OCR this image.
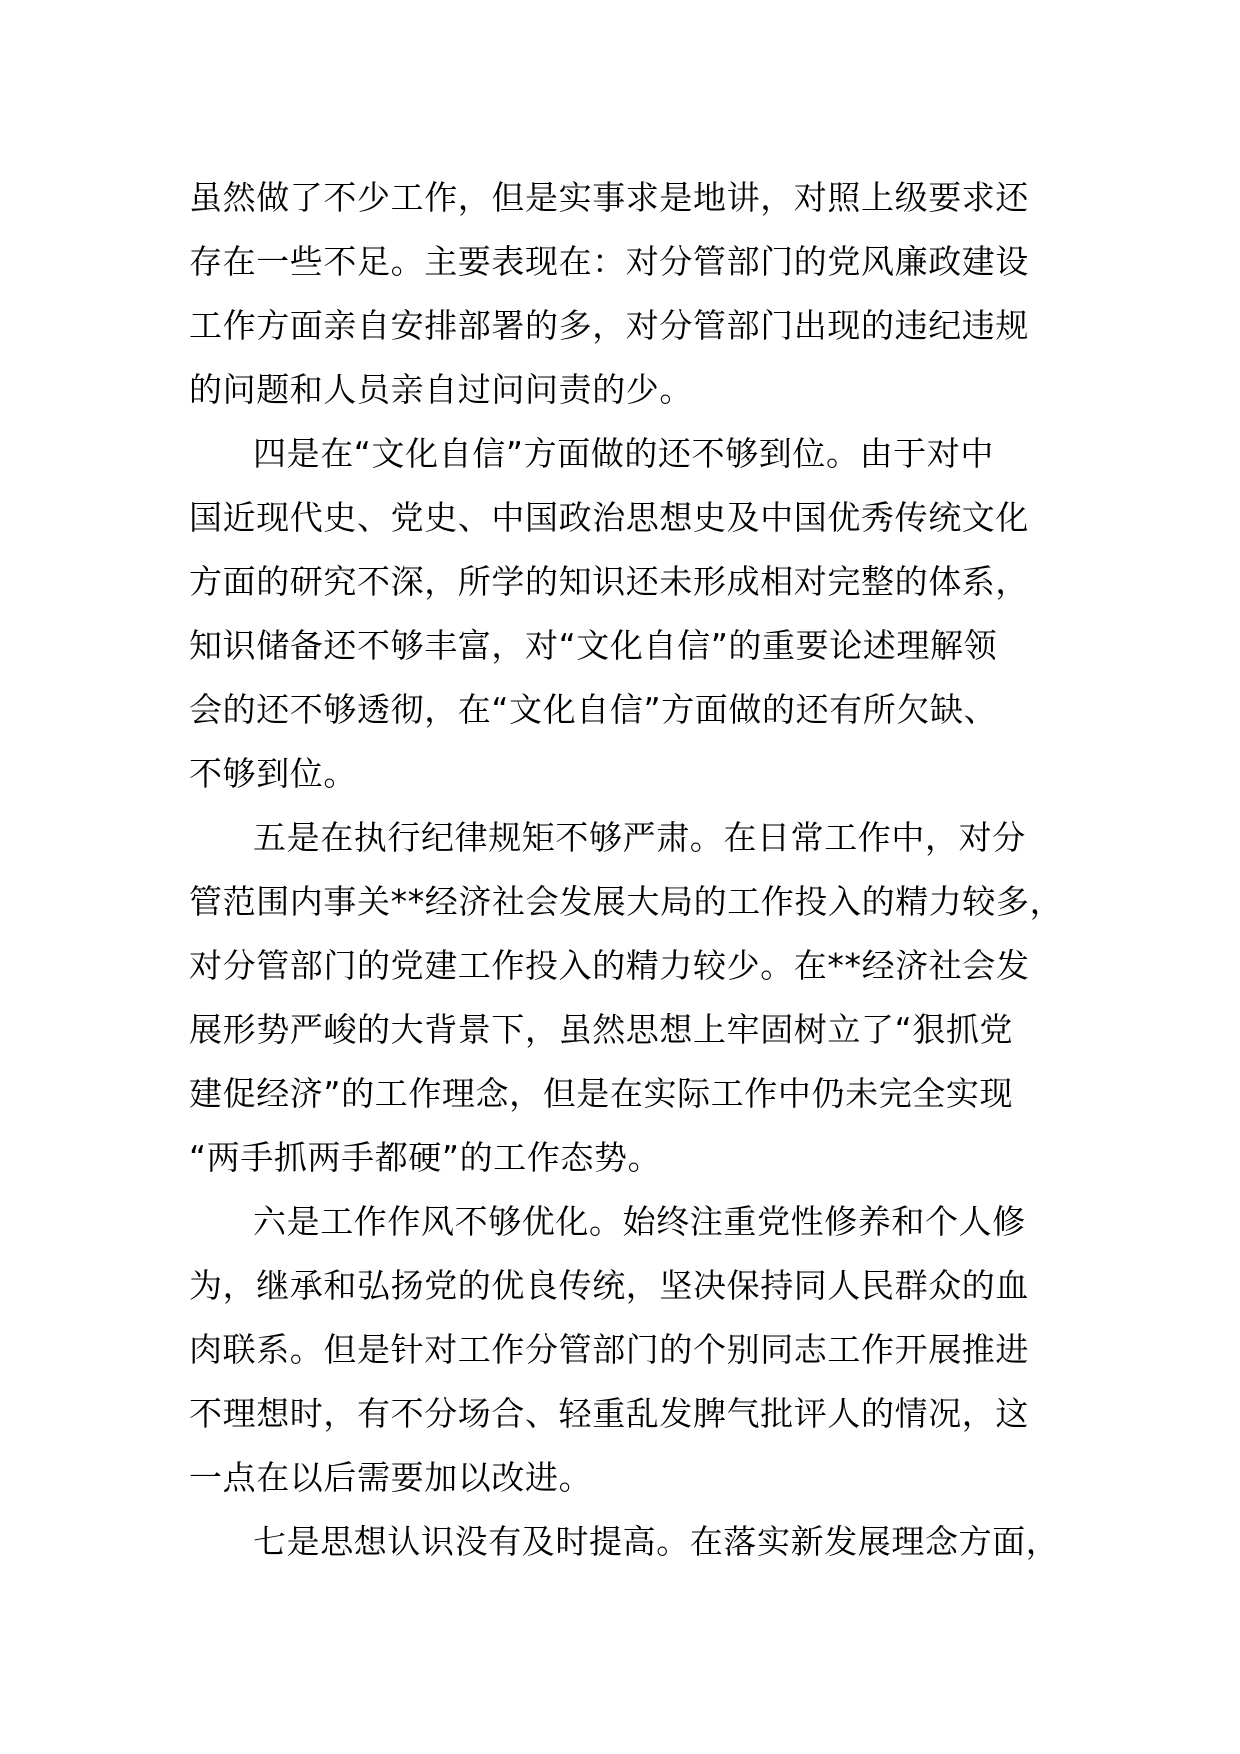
虽然做了不少工作，但是实事求是地讲，对照上级要求还
存在一些不足。主要表现在：对分管部门的党风廉政建设
工作方面亲自安排部署的多，对分管部门出现的违纪违规
的问题和人员亲自过问问责的少。
四是在“文化自信”方面做的还不够到位。由于对中
国近现代史、党史、中国政治思想史及中国优秀传统文化
方面的研究不深，所学的知识还未形成相对完整的体系，
知识储备还不够丰富，对“文化自信”的重要论述理解领
会的还不够透彻，在“文化自信”方面做的还有所欠缺、
不够到位。
五是在执行纪律规矩不够严肃。在日常工作中，对分
管范围内事关**经济社会发展大局的工作投入的精力较多，
对分管部门的党建工作投入的精力较少。在**经济社会发
展形势严峻的大背景下，虽然思想上牢固树立了“狠抓党
建促经济”的工作理念，但是在实际工作中仍未完全实现
“两手抓两手都硬”的工作态势。
六是工作作风不够优化。始终注重党性修养和个人修
为，继承和弘扬党的优良传统，坚决保持同人民群众的血
肉联系。但是针对工作分管部门的个别同志工作开展推进
不理想时，有不分场合、轻重乱发脾气批评人的情况，这
一点在以后需要加以改进。
七是思想认识没有及时提高。在落实新发展理念方面，
